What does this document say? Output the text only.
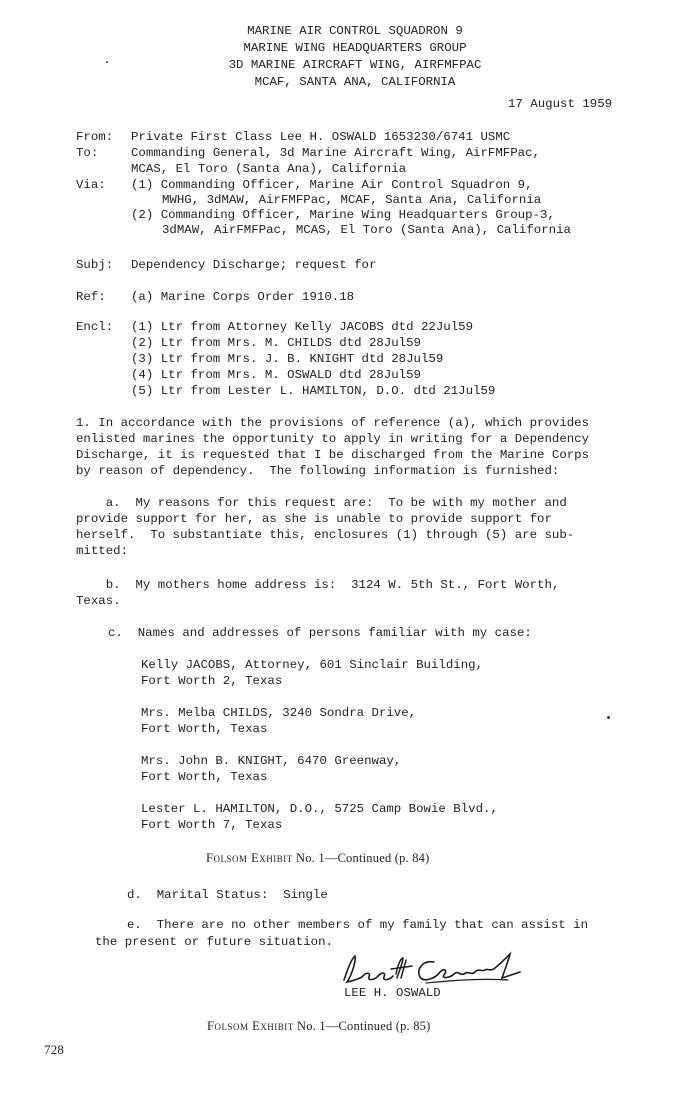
MARINE AIR CONTROL SQUADRON 9
MARINE WING HEADQUARTERS GROUP
3D MARINE AIRCRAFT WING, AIRFMFPAC
MCAF, SANTA ANA, CALIFORNIA
17 August 1959
From: Private First Class Lee H. OSWALD 1653230/6741 USMC
To:	Commanding General, 3d Marine Aircraft Wing, AirFMFPac,
MCAS, El Toro (Santa Ana), California
Via: (1) Commanding Officer, Marine Air Control Squadron 9,
MWHG, 3dMAW, AirFMFPac, MCAF, Santa Ana, California
(2) Commanding Officer, Marine Wing Headquarters Group-3,
3dMAW, AirFMFPac, MCAS, El Toro (Santa Ana), California
Subj: Dependency Discharge; request for
Ref: (a) Marine Corps Order 1910.18
Encl: (1) Ltr from Attorney Kelly JACOBS dtd 22Jul59
(2) Ltr from Mrs. M. CHILDS dtd 28Jul59
(3) Ltr from Mrs. J. B. KNIGHT dtd 28Jul59
(4) Ltr from Mrs. M. OSWALD dtd 28Jul59
(5) Ltr from Lester L. HAMILTON, D.O. dtd 21Jul59
1. In accordance with the provisions of reference (a), which provides
enlisted marines the opportunity to apply in writing for a Dependency
Discharge, it is requested that I be discharged from the Marine Corps
by reason of dependency.  The following information is furnished:
a.  My reasons for this request are:  To be with my mother and
provide support for her, as she is unable to provide support for
herself.  To substantiate this, enclosures (1) through (5) are sub-
mitted:
b.  My mothers home address is:  3124 W. 5th St., Fort Worth,
Texas.
c.  Names and addresses of persons familiar with my case:
Kelly JACOBS, Attorney, 601 Sinclair Building,
Fort Worth 2, Texas
Mrs. Melba CHILDS, 3240 Sondra Drive,
Fort Worth, Texas
Mrs. John B. KNIGHT, 6470 Greenway,
Fort Worth, Texas
Lester L. HAMILTON, D.O., 5725 Camp Bowie Blvd.,
Fort Worth 7, Texas
Folsom Exhibit No. 1—Continued (p. 84)
d.  Marital Status:  Single
e.  There are no other members of my family that can assist in
the present or future situation.
LEE H. OSWALD
Folsom Exhibit No. 1—Continued (p. 85)
728
